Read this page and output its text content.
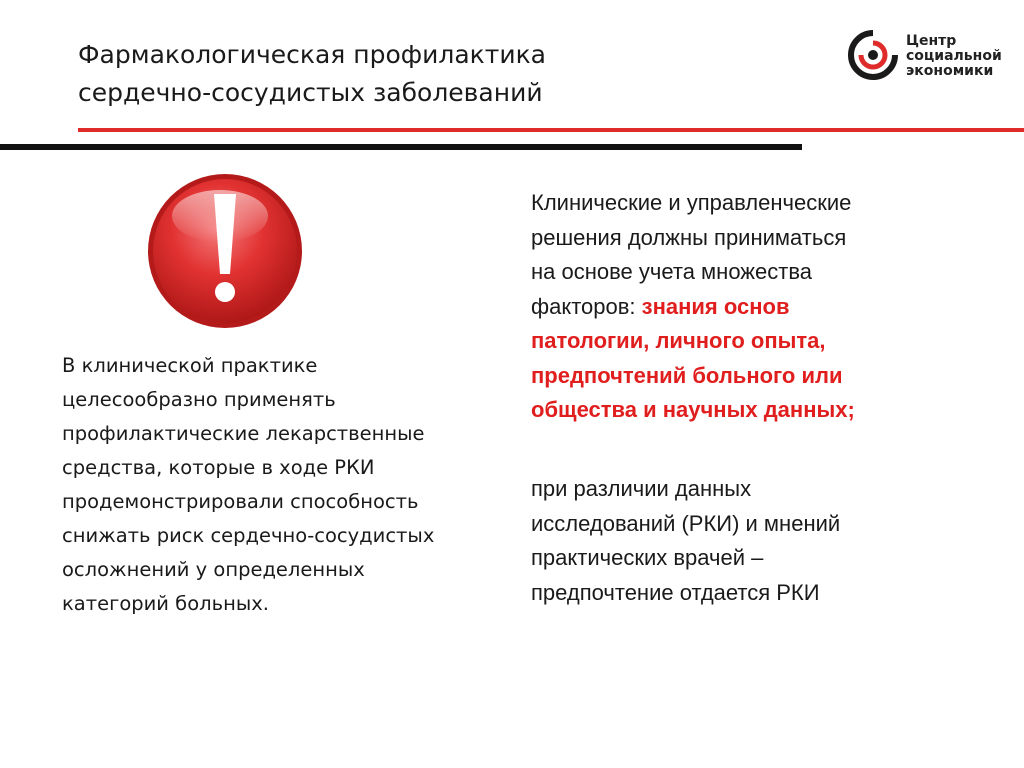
Фармакологическая профилактика
сердечно-сосудистых заболеваний
Центр
социальной
экономики
В клинической практике
целесообразно применять
профилактические лекарственные
средства, которые в ходе РКИ
продемонстрировали способность
снижать риск сердечно-сосудистых
осложнений у определенных
категорий больных.
Клинические и управленческие
решения должны приниматься
на основе учета множества
факторов: знания основ
патологии, личного опыта,
предпочтений больного или
общества и научных данных;
при различии данных
исследований (РКИ) и мнений
практических врачей –
предпочтение отдается РКИ
